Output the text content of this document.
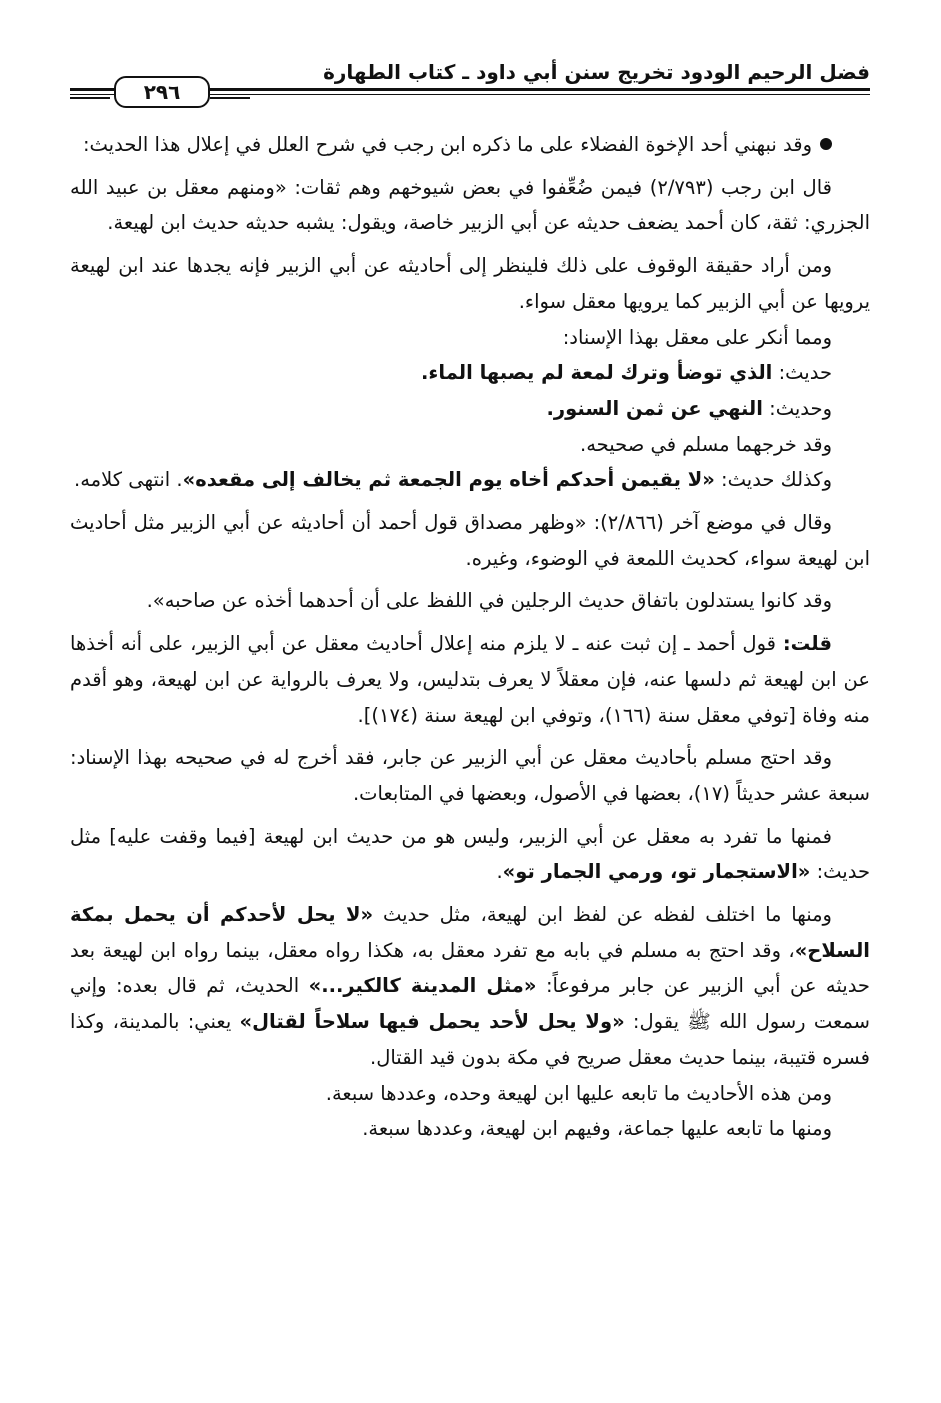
فضل الرحيم الودود تخريج سنن أبي داود ـ كتاب الطهارة
٢٩٦

وقد نبهني أحد الإخوة الفضلاء على ما ذكره ابن رجب في شرح العلل في إعلال هذا الحديث:

قال ابن رجب (٢/٧٩٣) فيمن ضُعِّفوا في بعض شيوخهم وهم ثقات: «ومنهم معقل بن عبيد الله الجزري: ثقة، كان أحمد يضعف حديثه عن أبي الزبير خاصة، ويقول: يشبه حديثه حديث ابن لهيعة.

ومن أراد حقيقة الوقوف على ذلك فلينظر إلى أحاديثه عن أبي الزبير فإنه يجدها عند ابن لهيعة يرويها عن أبي الزبير كما يرويها معقل سواء.

ومما أنكر على معقل بهذا الإسناد:

حديث: الذي توضأ وترك لمعة لم يصبها الماء.

وحديث: النهي عن ثمن السنور.

وقد خرجهما مسلم في صحيحه.

وكذلك حديث: «لا يقيمن أحدكم أخاه يوم الجمعة ثم يخالف إلى مقعده». انتهى كلامه.

وقال في موضع آخر (٢/٨٦٦): «وظهر مصداق قول أحمد أن أحاديثه عن أبي الزبير مثل أحاديث ابن لهيعة سواء، كحديث اللمعة في الوضوء، وغيره.

وقد كانوا يستدلون باتفاق حديث الرجلين في اللفظ على أن أحدهما أخذه عن صاحبه».

قلت: قول أحمد ـ إن ثبت عنه ـ لا يلزم منه إعلال أحاديث معقل عن أبي الزبير، على أنه أخذها عن ابن لهيعة ثم دلسها عنه، فإن معقلاً لا يعرف بتدليس، ولا يعرف بالرواية عن ابن لهيعة، وهو أقدم منه وفاة [توفي معقل سنة (١٦٦)، وتوفي ابن لهيعة سنة (١٧٤)].

وقد احتج مسلم بأحاديث معقل عن أبي الزبير عن جابر، فقد أخرج له في صحيحه بهذا الإسناد: سبعة عشر حديثاً (١٧)، بعضها في الأصول، وبعضها في المتابعات.

فمنها ما تفرد به معقل عن أبي الزبير، وليس هو من حديث ابن لهيعة [فيما وقفت عليه] مثل حديث: «الاستجمار تو، ورمي الجمار تو».

ومنها ما اختلف لفظه عن لفظ ابن لهيعة، مثل حديث «لا يحل لأحدكم أن يحمل بمكة السلاح»، وقد احتج به مسلم في بابه مع تفرد معقل به، هكذا رواه معقل، بينما رواه ابن لهيعة بعد حديثه عن أبي الزبير عن جابر مرفوعاً: «مثل المدينة كالكير...» الحديث، ثم قال بعده: وإني سمعت رسول الله ﷺ يقول: «ولا يحل لأحد يحمل فيها سلاحاً لقتال» يعني: بالمدينة، وكذا فسره قتيبة، بينما حديث معقل صريح في مكة بدون قيد القتال.

ومن هذه الأحاديث ما تابعه عليها ابن لهيعة وحده، وعددها سبعة.

ومنها ما تابعه عليها جماعة، وفيهم ابن لهيعة، وعددها سبعة.
